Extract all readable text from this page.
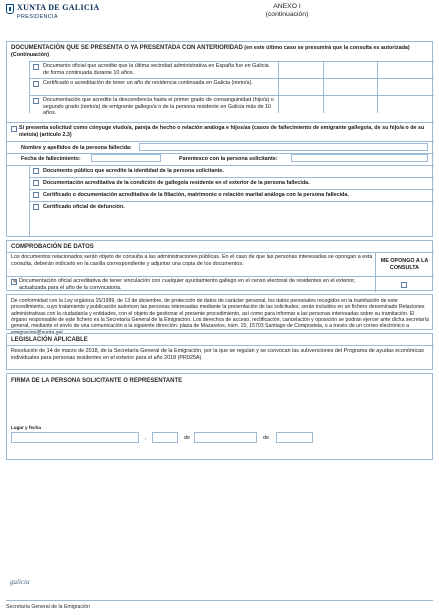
XUNTA DE GALICIA
PRESIDENCIA
ANEXO I
(continuación)
DOCUMENTACIÓN QUE SE PRESENTA O YA PRESENTADA CON ANTERIORIDAD (en este último caso se presumirá que la consulta es autorizada) (Continuación)
Documento oficial que acredite que la última vecindad administrativa en España fue en Galicia de forma continuada durante 10 años.
Certificado o acreditación de tener un año de residencia continuada en Galicia (nieto/a).
Documentación que acredite la descendencia hasta el primer grado de consanguinidad (hijo/a) o segundo grado (nieto/a) de emigrante gallego/a o de la persona residente en Galicia más de 10 años.
Si presenta solicitud como cónyuge viudo/a, pareja de hecho o relación análoga e hijos/as (casos de fallecimiento de emigrante gallego/a, de su hijo/a o de su nieto/a) (artículo 2.3)
Nombre y apellidos de la persona fallecida:
Fecha de fallecimiento:	Parentesco con la persona solicitante:
Documento público que acredite la identidad de la persona solicitante.
Documentación acreditativa de la condición de gallego/a residente en el exterior de la persona fallecida.
Certificado o documentación acreditativa de la filiación, matrimonio o relación marital análoga con la persona fallecida.
Certificado oficial de defunción.
COMPROBACIÓN DE DATOS
Los documentos relacionados serán objeto de consulta a las administraciones públicas. En el caso de que las personas interesadas se opongan a esta consulta, deberán indicarlo en la casilla correspondiente y adjuntar una copia de los documentos.	ME OPONGO A LA CONSULTA
✕
Documentación oficial acreditativa de tener vinculación con cualquier ayuntamiento gallego en el censo electoral de residentes en el exterior, actualizada para el año de la convocatoria.
De conformidad con la Ley orgánica 15/1999, de 13 de diciembre, de protección de datos de carácter personal, los datos personales recogidos en la tramitación de este procedimiento, cuyo tratamiento y publicación autoricen las personas interesadas mediante la presentación de las solicitudes, serán incluidos en un fichero denominado Relaciones administrativas con la ciudadanía y entidades, con el objeto de gestionar el presente procedimiento, así como para informar a las personas interesadas sobre su tramitación. El órgano responsable de este fichero es la Secretaría General de la Emigración. Los derechos de acceso, rectificación, cancelación y oposición se podrán ejercer ante dicha secretaría general, mediante el envío de una comunicación a la siguiente dirección: plaza de Mazarelos, núm. 15, 15703 Santiago de Compostela, o a través de un correo electrónico a emigracion@xunta.gal
LEGISLACIÓN APLICABLE
Resolución de 14 de marzo de 2018, de la Secretaría General de la Emigración, por la que se regulan y se convocan las subvenciones del Programa de ayudas económicas individuales para personas residentes en el exterior para el año 2018 (PR925A).
FIRMA DE LA PERSONA SOLICITANTE O REPRESENTANTE
Lugar y fecha
,	de	de
galicia
Secretaría General de la Emigración
